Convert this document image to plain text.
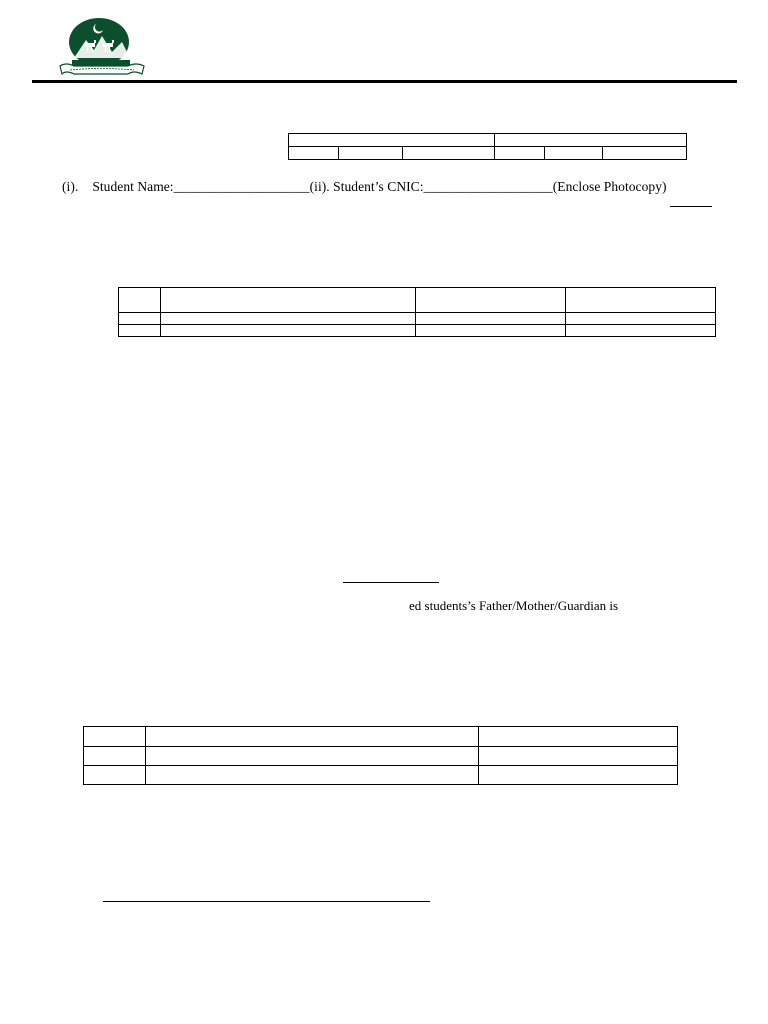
(i). Student Name:____________________(ii). Student’s CNIC:___________________(Enclose Photocopy)

ed students’s Father/Mother/Guardian is
